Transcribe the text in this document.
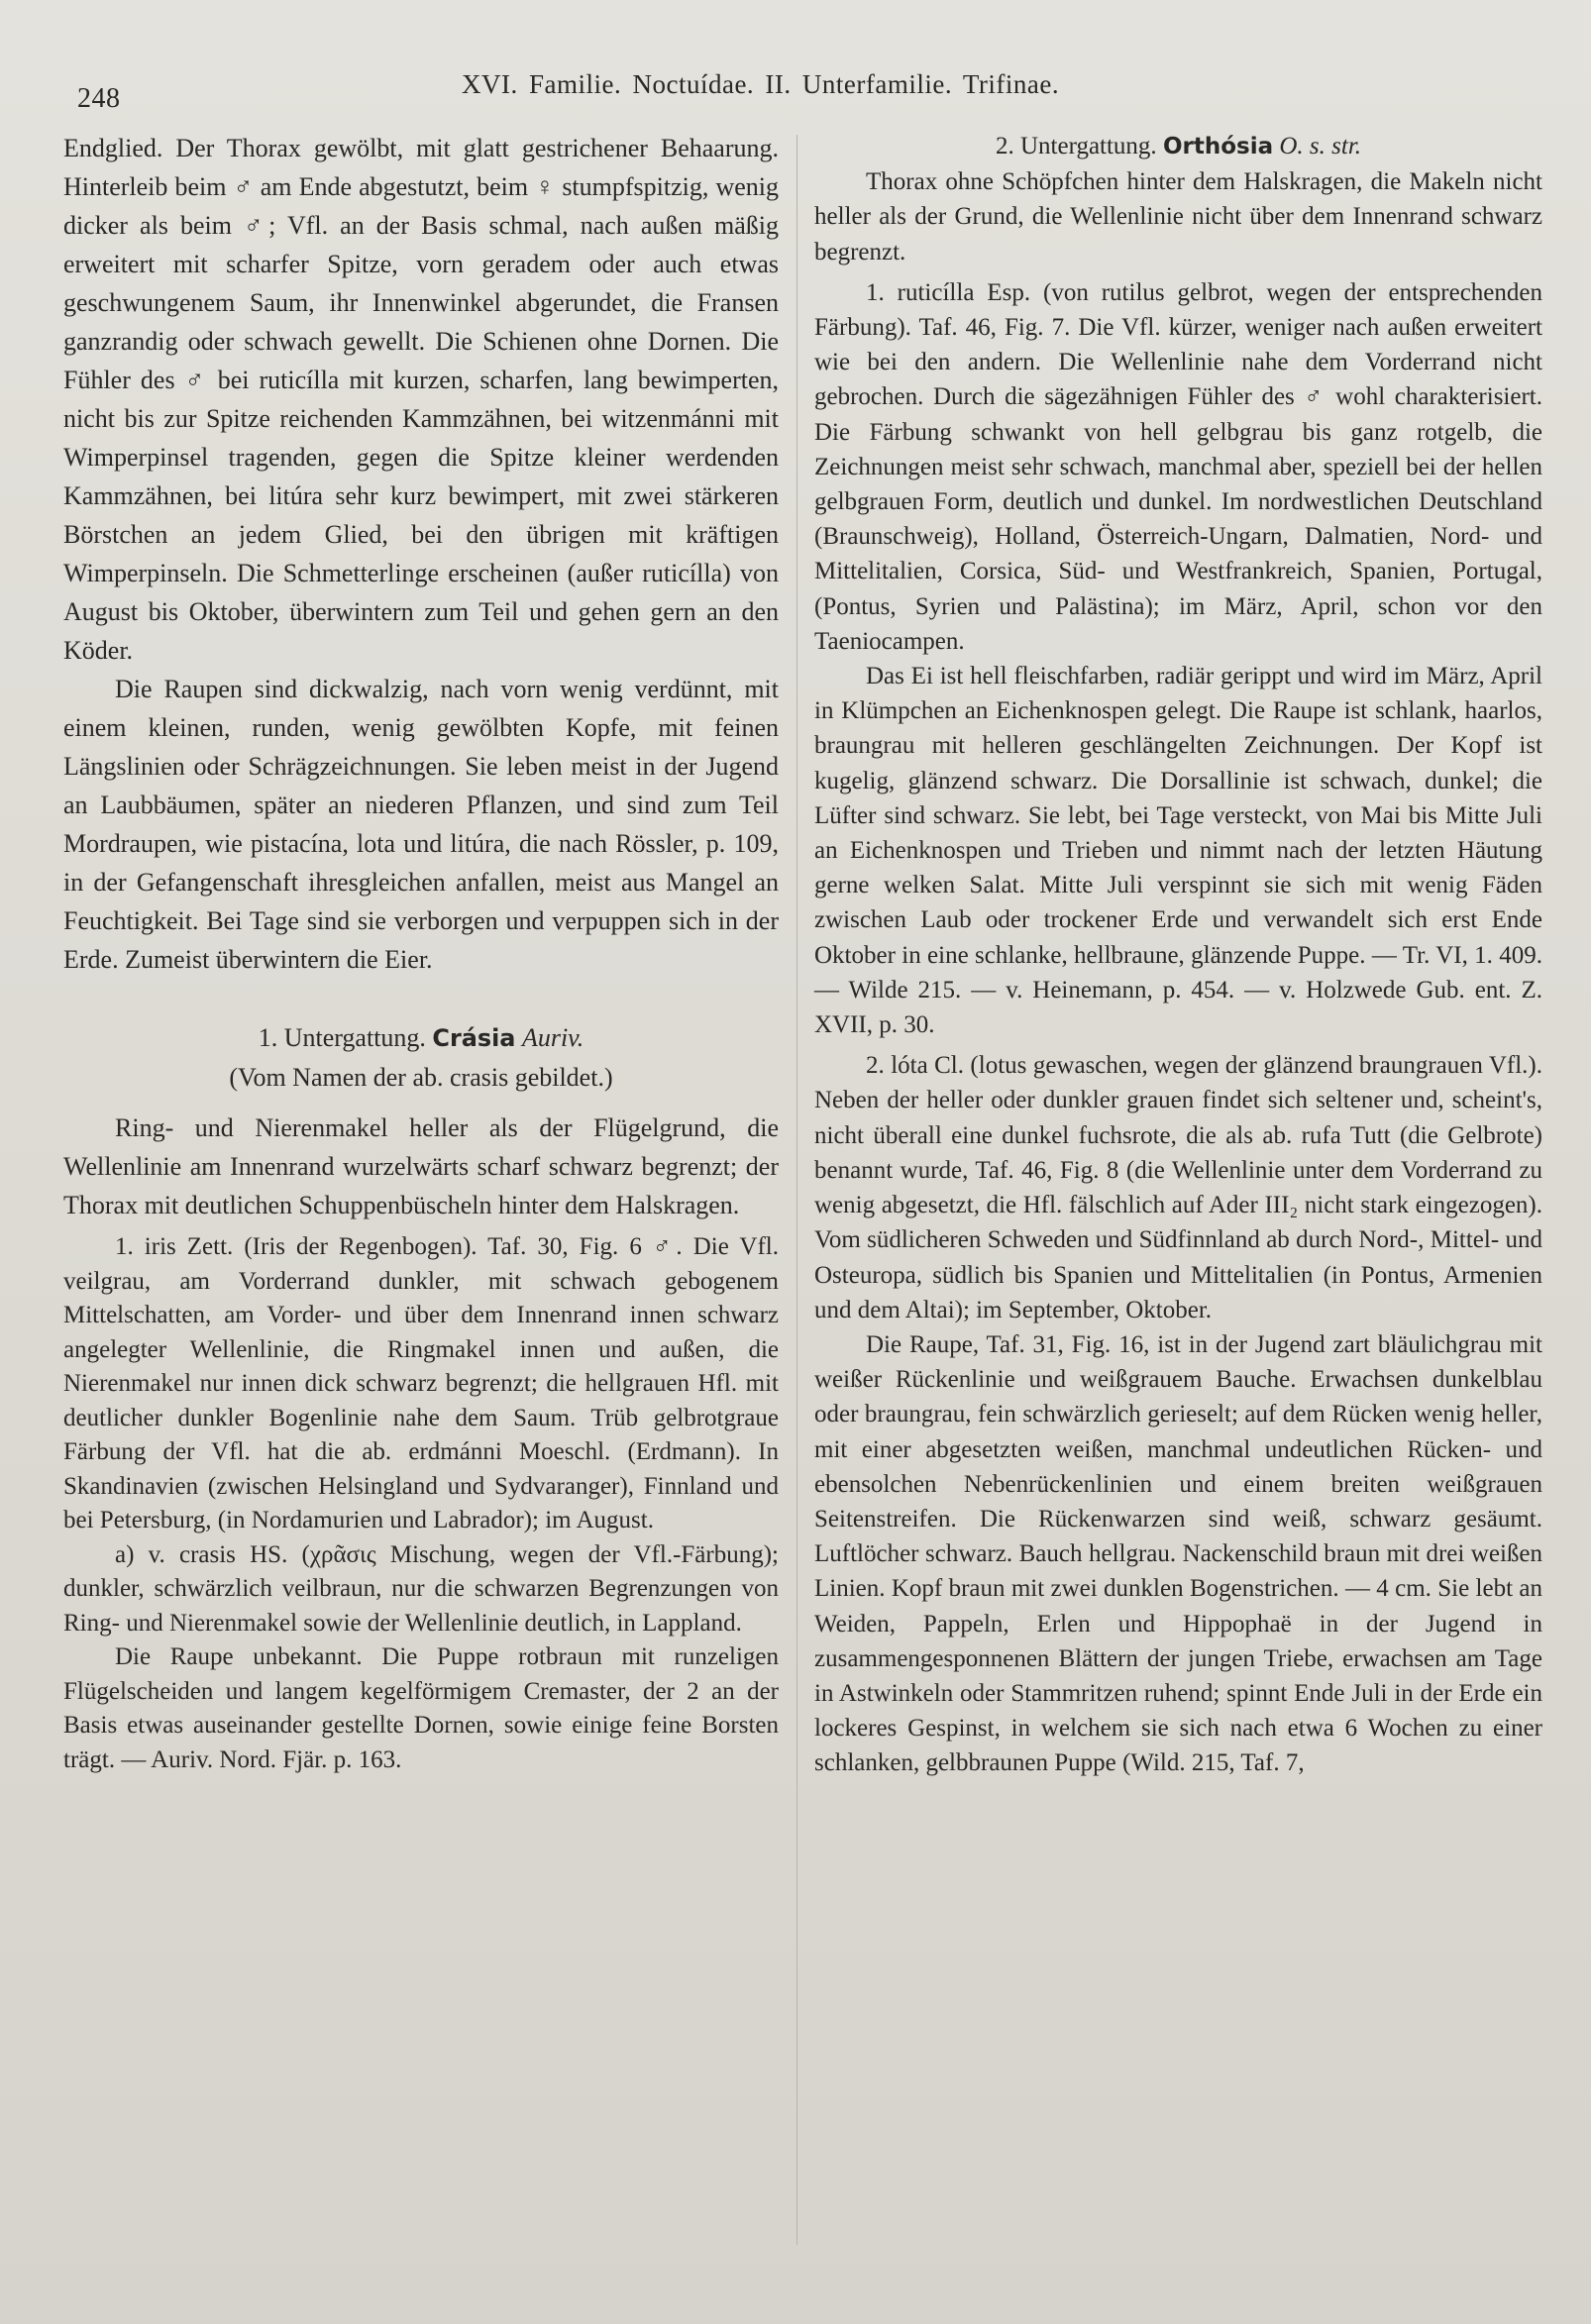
248	XVI. Familie. Noctuídae. II. Unterfamilie. Trifinae.

Endglied. Der Thorax gewölbt, mit glatt gestrichener Behaarung. Hinterleib beim ♂ am Ende abgestutzt, beim ♀ stumpfspitzig, wenig dicker als beim ♂; Vfl. an der Basis schmal, nach außen mäßig erweitert mit scharfer Spitze, vorn geradem oder auch etwas geschwungenem Saum, ihr Innenwinkel abgerundet, die Fransen ganzrandig oder schwach gewellt. Die Schienen ohne Dornen. Die Fühler des ♂ bei ruticílla mit kurzen, scharfen, lang bewimperten, nicht bis zur Spitze reichenden Kammzähnen, bei witzenmánni mit Wimperpinsel tragenden, gegen die Spitze kleiner werdenden Kammzähnen, bei litúra sehr kurz bewimpert, mit zwei stärkeren Börstchen an jedem Glied, bei den übrigen mit kräftigen Wimperpinseln. Die Schmetterlinge erscheinen (außer ruticílla) von August bis Oktober, überwintern zum Teil und gehen gern an den Köder.

Die Raupen sind dickwalzig, nach vorn wenig verdünnt, mit einem kleinen, runden, wenig gewölbten Kopfe, mit feinen Längslinien oder Schrägzeichnungen. Sie leben meist in der Jugend an Laubbäumen, später an niederen Pflanzen, und sind zum Teil Mordraupen, wie pistacína, lota und litúra, die nach Rössler, p. 109, in der Gefangenschaft ihresgleichen anfallen, meist aus Mangel an Feuchtigkeit. Bei Tage sind sie verborgen und verpuppen sich in der Erde. Zumeist überwintern die Eier.

1. Untergattung. Crásia Auriv.

(Vom Namen der ab. crasis gebildet.)

Ring- und Nierenmakel heller als der Flügelgrund, die Wellenlinie am Innenrand wurzelwärts scharf schwarz begrenzt; der Thorax mit deutlichen Schuppenbüscheln hinter dem Halskragen.

1. iris Zett. (Iris der Regenbogen). Taf. 30, Fig. 6 ♂. Die Vfl. veilgrau, am Vorderrand dunkler, mit schwach gebogenem Mittelschatten, am Vorder- und über dem Innenrand innen schwarz angelegter Wellenlinie, die Ringmakel innen und außen, die Nierenmakel nur innen dick schwarz begrenzt; die hellgrauen Hfl. mit deutlicher dunkler Bogenlinie nahe dem Saum. Trüb gelbrotgraue Färbung der Vfl. hat die ab. erdmánni Moeschl. (Erdmann). In Skandinavien (zwischen Helsingland und Sydvaranger), Finnland und bei Petersburg, (in Nordamurien und Labrador); im August.

a) v. crasis HS. (χρᾶσις Mischung, wegen der Vfl.-Färbung); dunkler, schwärzlich veilbraun, nur die schwarzen Begrenzungen von Ring- und Nierenmakel sowie der Wellenlinie deutlich, in Lappland.

Die Raupe unbekannt. Die Puppe rotbraun mit runzeligen Flügelscheiden und langem kegelförmigem Cremaster, der 2 an der Basis etwas auseinander gestellte Dornen, sowie einige feine Borsten trägt. — Auriv. Nord. Fjär. p. 163.

2. Untergattung. Orthósia O. s. str.

Thorax ohne Schöpfchen hinter dem Halskragen, die Makeln nicht heller als der Grund, die Wellenlinie nicht über dem Innenrand schwarz begrenzt.

1. ruticílla Esp. (von rutilus gelbrot, wegen der entsprechenden Färbung). Taf. 46, Fig. 7. Die Vfl. kürzer, weniger nach außen erweitert wie bei den andern. Die Wellenlinie nahe dem Vorderrand nicht gebrochen. Durch die sägezähnigen Fühler des ♂ wohl charakterisiert. Die Färbung schwankt von hell gelbgrau bis ganz rotgelb, die Zeichnungen meist sehr schwach, manchmal aber, speziell bei der hellen gelbgrauen Form, deutlich und dunkel. Im nordwestlichen Deutschland (Braunschweig), Holland, Österreich-Ungarn, Dalmatien, Nord- und Mittelitalien, Corsica, Süd- und Westfrankreich, Spanien, Portugal, (Pontus, Syrien und Palästina); im März, April, schon vor den Taeniocampen.

Das Ei ist hell fleischfarben, radiär gerippt und wird im März, April in Klümpchen an Eichenknospen gelegt. Die Raupe ist schlank, haarlos, braungrau mit helleren geschlängelten Zeichnungen. Der Kopf ist kugelig, glänzend schwarz. Die Dorsallinie ist schwach, dunkel; die Lüfter sind schwarz. Sie lebt, bei Tage versteckt, von Mai bis Mitte Juli an Eichenknospen und Trieben und nimmt nach der letzten Häutung gerne welken Salat. Mitte Juli verspinnt sie sich mit wenig Fäden zwischen Laub oder trockener Erde und verwandelt sich erst Ende Oktober in eine schlanke, hellbraune, glänzende Puppe. — Tr. VI, 1. 409. — Wilde 215. — v. Heinemann, p. 454. — v. Holzwede Gub. ent. Z. XVII, p. 30.

2. lóta Cl. (lotus gewaschen, wegen der glänzend braungrauen Vfl.). Neben der heller oder dunkler grauen findet sich seltener und, scheint's, nicht überall eine dunkel fuchsrote, die als ab. rufa Tutt (die Gelbrote) benannt wurde, Taf. 46, Fig. 8 (die Wellenlinie unter dem Vorderrand zu wenig abgesetzt, die Hfl. fälschlich auf Ader III₂ nicht stark eingezogen). Vom südlicheren Schweden und Südfinnland ab durch Nord-, Mittel- und Osteuropa, südlich bis Spanien und Mittelitalien (in Pontus, Armenien und dem Altai); im September, Oktober.

Die Raupe, Taf. 31, Fig. 16, ist in der Jugend zart bläulichgrau mit weißer Rückenlinie und weißgrauem Bauche. Erwachsen dunkelblau oder braungrau, fein schwärzlich gerieselt; auf dem Rücken wenig heller, mit einer abgesetzten weißen, manchmal undeutlichen Rücken- und ebensolchen Nebenrückenlinien und einem breiten weißgrauen Seitenstreifen. Die Rückenwarzen sind weiß, schwarz gesäumt. Luftlöcher schwarz. Bauch hellgrau. Nackenschild braun mit drei weißen Linien. Kopf braun mit zwei dunklen Bogenstrichen. — 4 cm. Sie lebt an Weiden, Pappeln, Erlen und Hippophaë in der Jugend in zusammengesponnenen Blättern der jungen Triebe, erwachsen am Tage in Astwinkeln oder Stammritzen ruhend; spinnt Ende Juli in der Erde ein lockeres Gespinst, in welchem sie sich nach etwa 6 Wochen zu einer schlanken, gelbbraunen Puppe (Wild. 215, Taf. 7,
